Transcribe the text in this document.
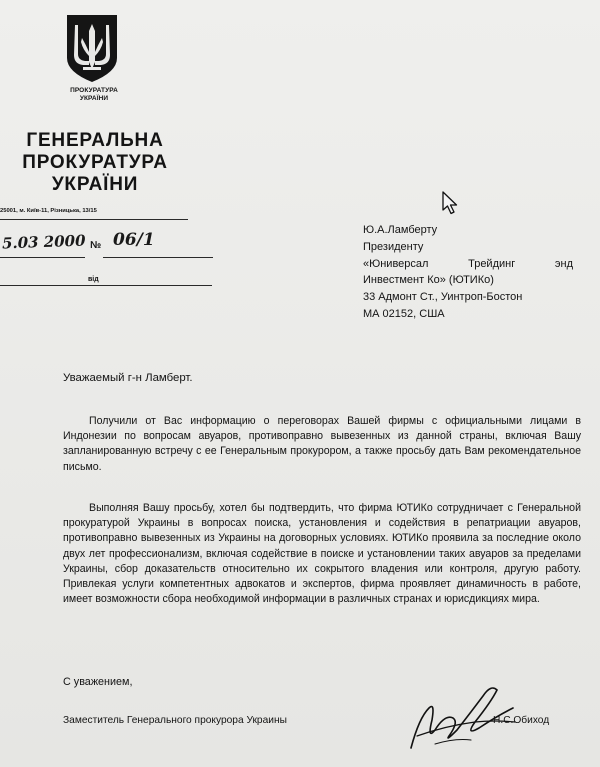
ПРОКУРАТУРА
УКРАЇНИ
ГЕНЕРАЛЬНА
ПРОКУРАТУРА
УКРАЇНИ
25001, м. Київ-11, Різницька, 13/15
5.03 2000 № 06/1
від
Ю.А.Ламберту
Президенту
«Юниверсал	Трейдинг	энд
Инвестмент Ко» (ЮТИКо)
33 Адмонт Ст., Уинтроп-Бостон
МА 02152, США
Уважаемый г-н Ламберт.
Получили от Вас информацию о переговорах Вашей фирмы с официальными лицами в Индонезии по вопросам авуаров, противоправно вывезенных из данной страны, включая Вашу запланированную встречу с ее Генеральным прокурором, а также просьбу дать Вам рекомендательное письмо.
Выполняя Вашу просьбу, хотел бы подтвердить, что фирма ЮТИКо сотрудничает с Генеральной прокуратурой Украины в вопросах поиска, установления и содействия в репатриации авуаров, противоправно вывезенных из Украины на договорных условиях. ЮТИКо проявила за последние около двух лет профессионализм, включая содействие в поиске и установлении таких авуаров за пределами Украины, сбор доказательств относительно их сокрытого владения или контроля, другую работу. Привлекая услуги компетентных адвокатов и экспертов, фирма проявляет динамичность в работе, имеет возможности сбора необходимой информации в различных странах и юрисдикциях мира.
С уважением,
Заместитель Генерального прокурора Украины	Н.С.Обиход
